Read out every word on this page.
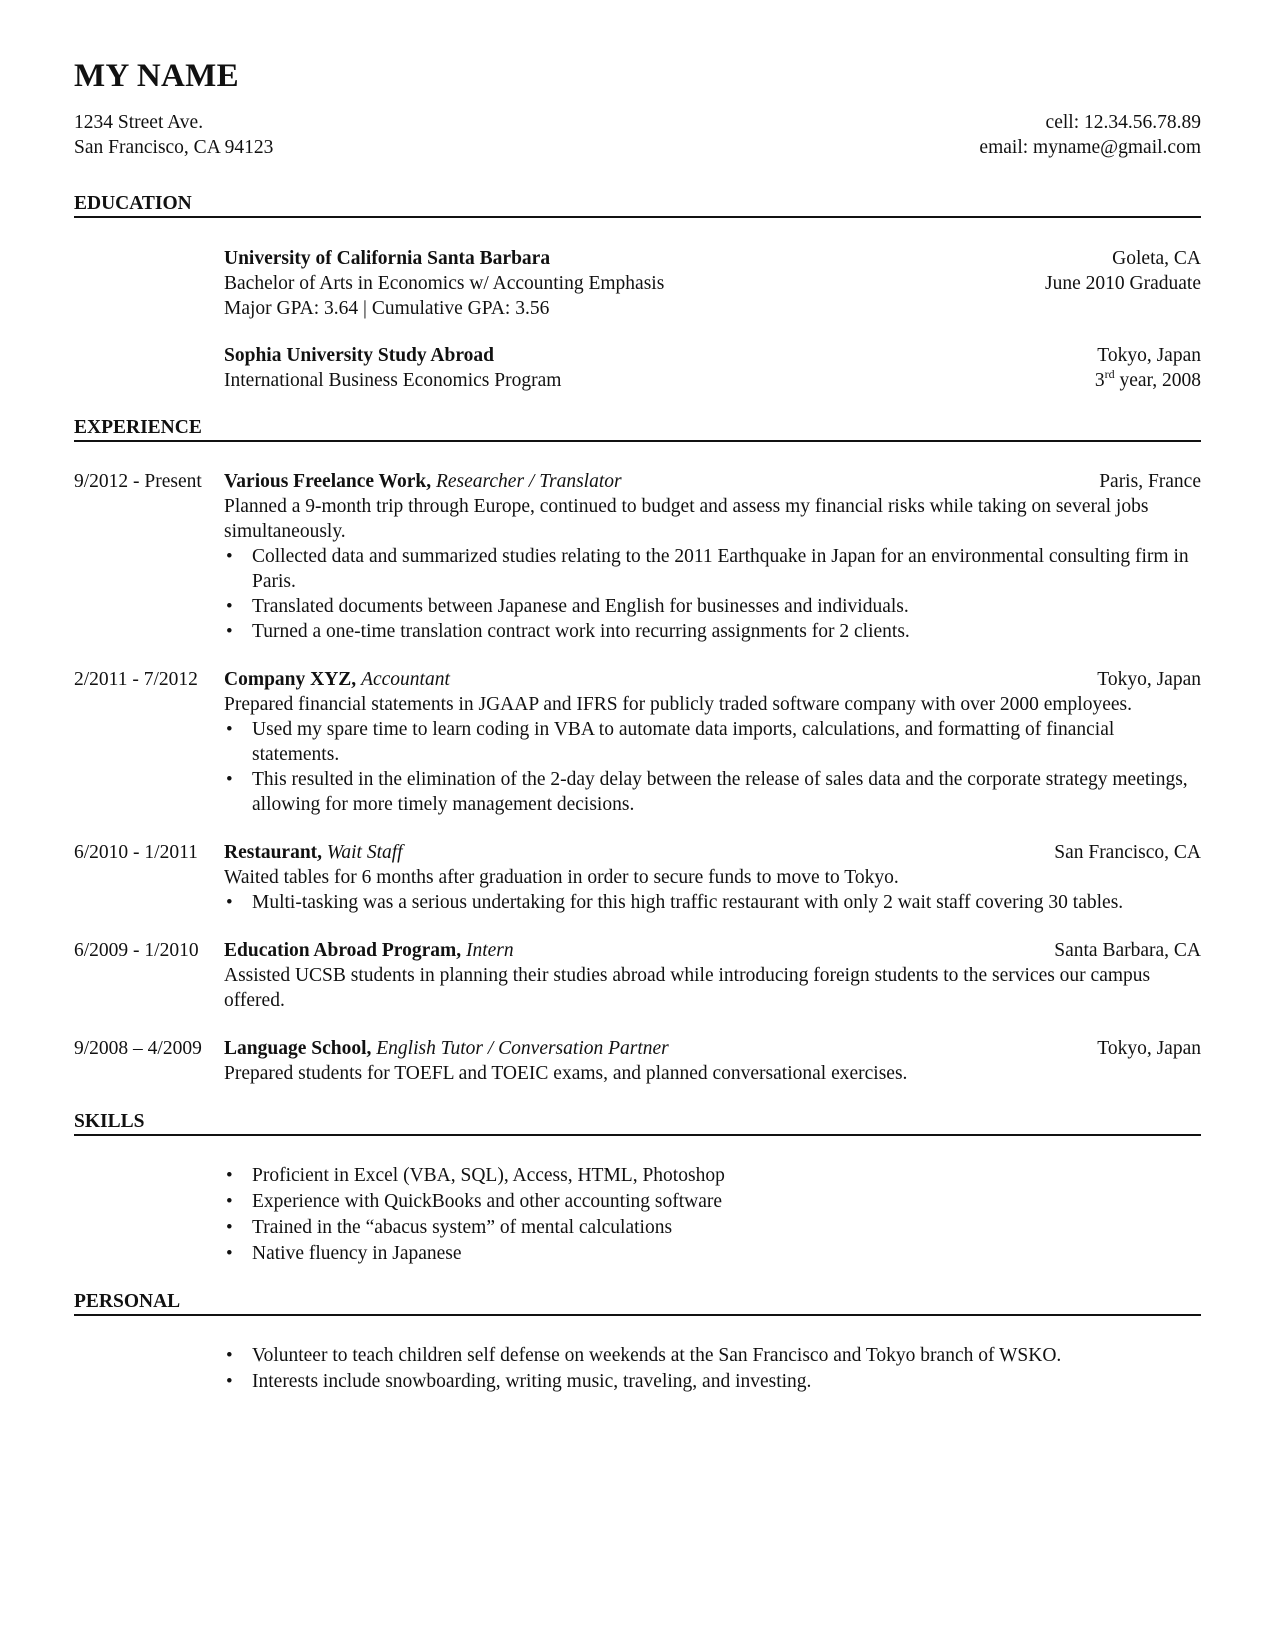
MY NAME
1234 Street Ave.
San Francisco, CA 94123
cell: 12.34.56.78.89
email: myname@gmail.com
EDUCATION
University of California Santa Barbara	Goleta, CA
Bachelor of Arts in Economics w/ Accounting Emphasis	June 2010 Graduate
Major GPA: 3.64 | Cumulative GPA: 3.56
Sophia University Study Abroad	Tokyo, Japan
International Business Economics Program	3rd year, 2008
EXPERIENCE
9/2012 - Present	Various Freelance Work, Researcher / Translator	Paris, France
Planned a 9-month trip through Europe, continued to budget and assess my financial risks while taking on several jobs simultaneously.
• Collected data and summarized studies relating to the 2011 Earthquake in Japan for an environmental consulting firm in Paris.
• Translated documents between Japanese and English for businesses and individuals.
• Turned a one-time translation contract work into recurring assignments for 2 clients.
2/2011 - 7/2012	Company XYZ, Accountant	Tokyo, Japan
Prepared financial statements in JGAAP and IFRS for publicly traded software company with over 2000 employees.
• Used my spare time to learn coding in VBA to automate data imports, calculations, and formatting of financial statements.
• This resulted in the elimination of the 2-day delay between the release of sales data and the corporate strategy meetings, allowing for more timely management decisions.
6/2010 - 1/2011	Restaurant, Wait Staff	San Francisco, CA
Waited tables for 6 months after graduation in order to secure funds to move to Tokyo.
• Multi-tasking was a serious undertaking for this high traffic restaurant with only 2 wait staff covering 30 tables.
6/2009 - 1/2010	Education Abroad Program, Intern	Santa Barbara, CA
Assisted UCSB students in planning their studies abroad while introducing foreign students to the services our campus offered.
9/2008 – 4/2009	Language School, English Tutor / Conversation Partner	Tokyo, Japan
Prepared students for TOEFL and TOEIC exams, and planned conversational exercises.
SKILLS
• Proficient in Excel (VBA, SQL), Access, HTML, Photoshop
• Experience with QuickBooks and other accounting software
• Trained in the “abacus system” of mental calculations
• Native fluency in Japanese
PERSONAL
• Volunteer to teach children self defense on weekends at the San Francisco and Tokyo branch of WSKO.
• Interests include snowboarding, writing music, traveling, and investing.
